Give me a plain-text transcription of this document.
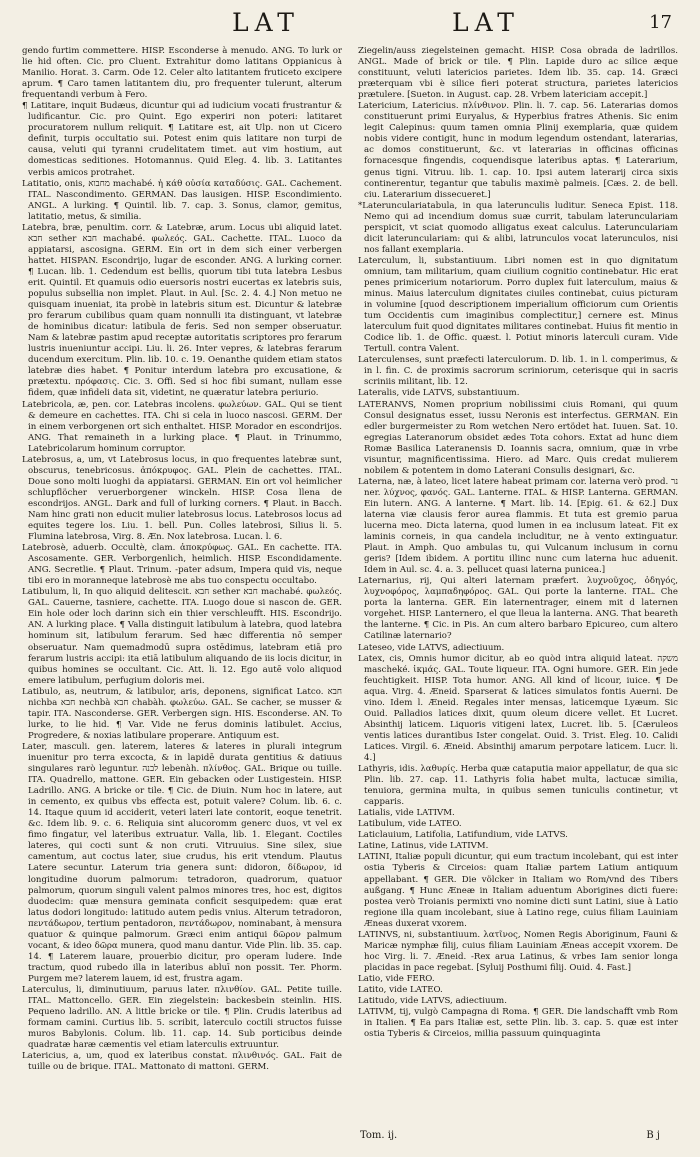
LAT	LAT	17

gendo furtim commettere. HISP. Esconderse à menudo. ANG. To lurk or lie hid often. Cic. pro Cluent. Extrahitur domo latitans Oppianicus à Manilio. Horat. 3. Carm. Ode 12. Celer alto latitantem fruticeto excipere aprum. ¶ Caro tamen latitantem diu, pro frequenter tulerunt, alterum frequentandi verbum à Fero.

¶ Latitare, inquit Budæus, dicuntur qui ad iudicium vocati frustrantur & ludificantur. Cic. pro Quint. Ego experiri non poteri: latitaret procuratorem nullum reliquit. ¶ Latitare est, ait Ulp. non ut Cicero definit, turpis occultatio sui. Potest enim quis latitare non turpi de causa, veluti qui tyranni crudelitatem timet. aut vim hostium, aut domesticas seditiones. Hotomannus. Quid Eleg. 4. lib. 3. Latitantes verbis amicos protrahet.

Latitatio, onis, מחבוא machabé. ἡ κάθ οὐσία καταδύσις. GAL. Cachement. ITAL. Nascondimento. GERMAN. Das lausigen. HISP. Escondimiento. ANGL. A lurking. ¶ Quintil. lib. 7. cap. 3. Sonus, clamor, gemitus, latitatio, metus, & similia.

Latebra, bræ, penultim. corr. & Latebræ, arum. Locus ubi aliquid latet. חבא sether חבא machabé. φωλεός. GAL. Cachette. ITAL. Luoco da appiatarsi, ascosigna. GERM. Ein ort in dem sich einer verbergen hattet. HISPAN. Escondrijo, lugar de esconder. ANG. A lurking corner. ¶ Lucan. lib. 1. Cedendum est bellis, quorum tibi tuta latebra Lesbus erit. Quintil. Et quamuis odio euersoris nostri eucertas ex latebris suis, populus subsellia non implet. Plaut. in Aul. [Sc. 2. 4. 4.] Non metuo ne quisquam inueniat, ita probè in latebris situm est. Dicuntur & latebræ pro ferarum cubilibus quam quam nonnulli ita distinguant, vt latebræ de hominibus dicatur: latibula de feris. Sed non semper obseruatur. Nam & latebræ pastim apud receptæ autoritatis scriptores pro ferarum lustris inueniuntur accipi. Liu. li. 26. Inter vepres, & latebras ferarum ducendum exercitum. Plin. lib. 10. c. 19. Oenanthe quidem etiam statos latebræ dies habet. ¶ Ponitur interdum latebra pro excusatione, & prætextu. πρόφασις. Cic. 3. Offi. Sed si hoc fibi sumant, nullam esse fidem, quæ infideli data sit, videtint, ne quæratur latebra periurio.

Latebricola, æ, pen. cor. Latebras incolens. φωλεύων. GAL. Qui se tient & demeure en cachettes. ITA. Chi si cela in luoco nascosi. GERM. Der in einem verborgenen ort sich enthaltet. HISP. Morador en escondrijos. ANG. That remaineth in a lurking place. ¶ Plaut. in Trinummo, Latebricolarum hominum corruptor.

Latebrosus, a, um, vt Latebrosus locus, in quo frequentes latebræ sunt, obscurus, tenebricosus. ἀπόκρυφος. GAL. Plein de cachettes. ITAL. Doue sono molti luoghi da appiatarsi. GERMAN. Ein ort vol heimlicher schlupflöcher veruerborgener winckeln. HISP. Cosa llena de escondrijos. ANGL. Dark and full of lurking corners. ¶ Plaut. in Bacch. Nam hinc grati non educit mulier latebrosus locus. Latebrosos locus ad equites tegere los. Liu. 1. bell. Pun. Colles latebrosi, Silius li. 5. Flumina latebrosa, Virg. 8. Æn. Nox latebrosa. Lucan. l. 6.

Latebrosè, aduerb. Occultè, clam. ἀποκρύφως. GAL. En cachette. ITA. Ascosamente. GER. Verborgenlich, heimlich. HISP. Escondidamente. ANG. Secretlie. ¶ Plaut. Trinum. -pater adsum, Impera quid vis, neque tibi ero in moranneque latebrosè me abs tuo conspectu occultabo.

Latibulum, li, In quo aliquid delitescit. חבא sether חבא machabé. φωλεός. GAL. Cauerne, tasniere, cachette. ITA. Luogo doue si nascon de. GER. Ein hole oder loch darinn sich ein thier verschleufft. HIS. Escondrijo. AN. A lurking place. ¶ Valla distinguit latibulum à latebra, quod latebra hominum sit, latibulum ferarum. Sed hæc differentia nō semper obseruatur. Nam quemadmodū supra ostēdimus, latebram etiā pro ferarum lustris accipi: ita etiā latibulum aliquando de iis locis dicitur, in quibus homines se occultant. Cic. Att. li. 12. Ego autē volo aliquod emere latibulum, perfugium doloris mei.

Latibulo, as, neutrum, & latibulor, aris, deponens, significat Latco. חבא nichba חבא nechbà חבא chabàh. φωλεύω. GAL. Se cacher, se musser & tapir. ITA. Nasconderse. GER. Verbergen sign. HIS. Esconderse. AN. To lurke, to lie hid. ¶ Var. Vide ne ferus dominis latibulet. Accius, Progredere, & noxias latibulare properare. Antiquum est.

Later, masculi. gen. laterem, lateres & lateres in plurali integrum inuenitur pro terra excocta, & in lapidē durata gentitius & datiuus singulares rarò leguntur. לבנה lebenàh. πλίνθος. GAL. Brique ou tuille. ITA. Quadrello, mattone. GER. Ein gebacken oder Lustigestein. HISP. Ladrillo. ANG. A bricke or tile. ¶ Cic. de Diuin. Num hoc in latere, aut in cemento, ex quibus vbs effecta est, potuit valere? Colum. lib. 6. c. 14. Itaque quum id acciderit, veteri lateri late contorit, eoque tenetrit. &c. Idem lib. 9. c. 6. Reliquia sint alucoromm generc duos, vt vel ex fimo fingatur, vel lateribus extruatur. Valla, lib. 1. Elegant. Coctiles lateres, qui cocti sunt & non cruti. Vitruuius. Sine silex, siue camentum, aut coctus later, siue crudus, his erit vtendum. Plautus Latere secuntur. Laterum tria genera sunt: didoron, δίδωρον, id longitudine duorum palmorum: tetradoron, quadrorum, quatuor palmorum, quorum singuli valent palmos minores tres, hoc est, digitos duodecim: quæ mensura geminata conficit sesquipedem: quæ erat latus dodori longitudo: latitudo autem pedis vnius. Alterum tetradoron, πεντάδωρον, tertium pentadoron, πεντάδωρον, nominabant, à mensura quatuor & quinque palmorum. Græci enim antiqui δῶρον palmum vocant, & ideo δῶρα munera, quod manu dantur. Vide Plin. lib. 35. cap. 14. ¶ Laterem lauare, prouerbio dicitur, pro operam ludere. Inde tractum, quod rubedo illa in lateribus abluī non possit. Ter. Phorm. Purgem me? laterem lauem, id est, frustra agam.

Laterculus, li, diminutiuum, paruus later. πλινθίον. GAL. Petite tuille. ITAL. Mattoncello. GER. Ein ziegelstein: backesbein steinlin. HIS. Pequeno ladrillo. AN. A little bricke or tile. ¶ Plin. Crudis lateribus ad formam camini. Curtius lib. 5. scribit, laterculo coctili structos fuisse muros Babylonis. Colum. lib. 11. cap. 14. Sub porticibus deinde quadratæ haræ cæmentis vel etiam laterculis extruuntur.

Latericius, a, um, quod ex lateribus constat. πλινθινός. GAL. Fait de tuille ou de brique. ITAL. Mattonato di mattoni. GERM.

Ziegelin/auss ziegelsteinen gemacht. HISP. Cosa obrada de ladrillos. ANGL. Made of brick or tile. ¶ Plin. Lapide duro ac silice æque constituunt, veluti latericios parietes. Idem lib. 35. cap. 14. Græci præterquam vbi è silice fieri poterat structura, parietes latericios prætulere. [Sueton. in August. cap. 28. Vrbem latericiam accepit.]

Latericium, Latericius. πλίνθινον. Plin. li. 7. cap. 56. Laterarias domos constituerunt primi Euryalus, & Hyperbius fratres Athenis. Sic enim legit Calepinus: quum tamen omnia Plinij exemplaria, quæ quidem nobis videre contigit, hunc in modum legendum ostendant, laterarias, ac domos constituerunt, &c. vt laterarias in officinas officinas fornacesque fingendis, coquendisque lateribus aptas. ¶ Laterarium, genus tigni. Vitruu. lib. 1. cap. 10. Ipsi autem laterarij circa sixis continerentur, tegantur que tabulis maximè palmeis. [Cæs. 2. de bell. ciu. Laterarium dissecueret.]

*Laterunculariatabula, in qua laterunculis luditur. Seneca Epist. 118. Nemo qui ad incendium domus suæ currit, tabulam laterunculariam perspicit, vt sciat quomodo alligatus exeat calculus. Laterunculariam dicit laterunculariam: qui & alibi, latrunculos vocat laterunculos, nisi nos fallant exemplaria.

Laterculum, li, substantiuum. Libri nomen est in quo dignitatum omnium, tam militarium, quam ciuilium cognitio continebatur. Hic erat penes primicerium notariorum. Porro duplex fuit laterculum, maius & minus. Maius laterculum dignitates ciuiles continebat, cuius picturam in volumine [quod descriptionem imperialium officiorum cum Orientis tum Occidentis cum imaginibus complectitur,] cernere est. Minus laterculum fuit quod dignitates militares continebat. Huius fit mentio in Codice lib. 1. de Offic. quæst. l. Potiut minoris laterculi curam. Vide Tertull. contra Valent.

Laterculenses, sunt præfecti laterculorum. D. lib. 1. in l. comperimus, & in l. fin. C. de proximis sacrorum scriniorum, ceterisque qui in sacris scriniis militant, lib. 12.

Lateralis, vide LATVS, substantiuum.

LATERANVS, Nomen proprium nobilissimi ciuis Romani, qui quum Consul designatus esset, iussu Neronis est interfectus. GERMAN. Ein edler burgermeister zu Rom wetchen Nero ertödet hat. Iuuen. Sat. 10. egregias Lateranorum obsidet ædes Tota cohors. Extat ad hunc diem Romæ Basilica Lateranensis D. Ioannis sacra, omnium, quæ in vrbe visuntur, magnificentissima. Hiero. ad Marc. Quis credat mulierem nobilem & potentem in domo Laterani Consulis designari, &c.

Laterna, næ, à lateo, licet latere habeat primam cor. laterna verò prod. נר ner. λύχνος, φανός. GAL. Lanterne. ITAL. & HISP. Lanterna. GERMAN. Ein lutern. ANG. A lanterne. ¶ Mart. lib. 14. [Epig. 61. & 62.] Dux laterna viæ clausis feror aurea flammis. Et tuta est gremio parua lucerna meo. Dicta laterna, quod lumen in ea inclusum lateat. Fit ex laminis corneis, in qua candela includitur, ne à vento extinguatur. Plaut. in Amph. Quo ambulas tu, qui Vulcanum inclusum in cornu geris? [Idem ibidem. A portitu illinc nunc cum laterna huc aduenit. Idem in Aul. sc. 4. a. 3. pellucet quasi laterna punicea.]

Laternarius, rij, Qui alteri laternam præfert. λυχνοῦχος, ὁδηγός, λυχνοφόρος, λαμπαδηφόρος. GAL. Qui porte la lanterne. ITAL. Che porta la lanterna. GER. Ein laternentrager, einem mit d laternen vorgehet. HISP. Lanternero, el que lleua la lanterna. ANG. That beareth the lanterne. ¶ Cic. in Pis. An cum altero barbaro Epicureo, cum altero Catilinæ laternario?

Lateseo, vide LATVS, adiectiuum.

Latex, cis, Omnis humor dicitur, ab eo quòd intra aliquid lateat. משקה mascheké. ἰκμάς. GAL. Toute liqueur. ITA. Ogni humore. GER. Ein jede feuchtigkeit. HISP. Tota humor. ANG. All kind of licour, iuice. ¶ De aqua. Virg. 4. Æneid. Sparserat & latices simulatos fontis Auerni. De vino. Idem l. Æneid. Regales inter mensas, laticemque Lyæum. Sic Ouid. Palladios latices dixit, quum oleum dicere vellet. Et Lucret. Absinthij laticem. Liquoris vitigeni latex, Lucret. lib. 5. [Cæruleos ventis latices durantibus Ister congelat. Ouid. 3. Trist. Eleg. 10. Calidi Latices. Virgil. 6. Æneid. Absinthij amarum perpotare laticem. Lucr. li. 4.]

Lathyris, idis. λαθυρίς. Herba quæ cataputia maior appellatur, de qua sic Plin. lib. 27. cap. 11. Lathyris folia habet multa, lactucæ similia, tenuiora, germina multa, in quibus semen tuniculis continetur, vt capparis.

Latialis, vide LATIVM.

Latibulum, vide LATEO.

Laticlauium, Latifolia, Latifundium, vide LATVS.

Latine, Latinus, vide LATIVM.

LATINI, Italiæ populi dicuntur, qui eum tractum incolebant, qui est inter ostia Tyberis & Circeios: quam Italiæ partem Latium antiquum appellabant. ¶ GER. Die völcker in Italiam wo Rom/vnd des Tibers außgang. ¶ Hunc Æneæ in Italiam aduentum Aborigines dicti fuere: postea verò Troianis permixti vno nomine dicti sunt Latini, siue à Latio regione illa quam incolebant, siue à Latino rege, cuius filiam Lauiniam Æneas duxerat vxorem.

LATINVS, ni, substantiuum. λατῖνος, Nomen Regis Aboriginum, Fauni & Maricæ nymphæ filij, cuius filiam Lauiniam Æneas accepit vxorem. De hoc Virg. li. 7. Æneid. -Rex arua Latinus, & vrbes Iam senior longa placidas in pace regebat. [Syluij Posthumi filij. Ouid. 4. Fast.]

Latio, vide FERO.

Latito, vide LATEO.

Latitudo, vide LATVS, adiectiuum.

LATIVM, tij, vulgò Campagna di Roma. ¶ GER. Die landschafft vmb Rom in Italien. ¶ Ea pars Italiæ est, sette Plin. lib. 3. cap. 5. quæ est inter ostia Tyberis & Circeios, millia passuum quinquaginta

Tom. ij.	B j
